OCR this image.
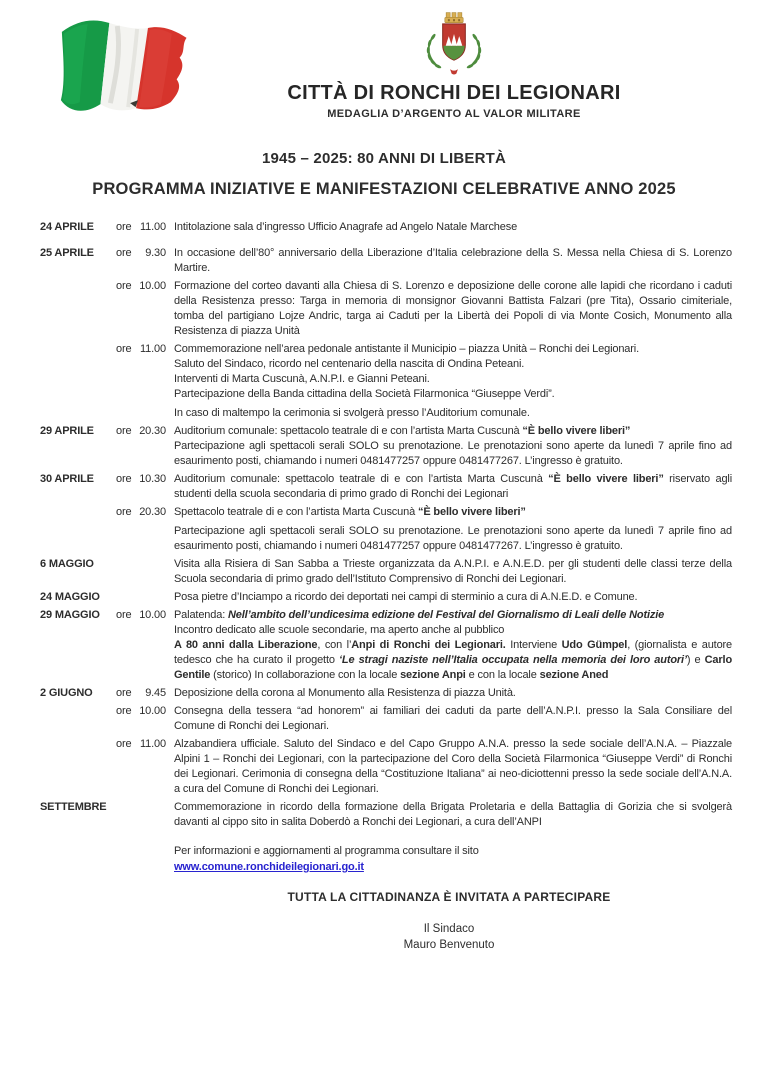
CITTÀ DI RONCHI DEI LEGIONARI
MEDAGLIA D’ARGENTO AL VALOR MILITARE
1945 – 2025: 80 ANNI DI LIBERTÀ
PROGRAMMA INIZIATIVE E MANIFESTAZIONI CELEBRATIVE ANNO 2025
24 APRILE	ore 11.00 Intitolazione sala d’ingresso Ufficio Anagrafe ad Angelo Natale Marchese

25 APRILE	ore 9.30 In occasione dell’80° anniversario della Liberazione d’Italia celebrazione della S. Messa nella Chiesa di S. Lorenzo Martire.

ore 10.00 Formazione del corteo davanti alla Chiesa di S. Lorenzo e deposizione delle corone alle lapidi che ricordano i caduti della Resistenza presso: Targa in memoria di monsignor Giovanni Battista Falzari (pre Tita), Ossario cimiteriale, tomba del partigiano Lojze Andric, targa ai Caduti per la Libertà dei Popoli di via Monte Cosich, Monumento alla Resistenza di piazza Unità

ore 11.00 Commemorazione nell’area pedonale antistante il Municipio – piazza Unità – Ronchi dei Legionari.

Saluto del Sindaco, ricordo nel centenario della nascita di Ondina Peteani.

Interventi di Marta Cuscunà, A.N.P.I. e Gianni Peteani.

Partecipazione della Banda cittadina della Società Filarmonica “Giuseppe Verdi”.

In caso di maltempo la cerimonia si svolgerà presso l’Auditorium comunale.

29 APRILE	ore 20.30 Auditorium comunale: spettacolo teatrale di e con l’artista Marta Cuscunà “È bello vivere liberi”

Partecipazione agli spettacoli serali SOLO su prenotazione. Le prenotazioni sono aperte da lunedì 7 aprile fino ad esaurimento posti, chiamando i numeri 0481477257 oppure 0481477267. L’ingresso è gratuito.

30 APRILE	ore 10.30 Auditorium comunale: spettacolo teatrale di e con l’artista Marta Cuscunà “È bello vivere liberi” riservato agli studenti della scuola secondaria di primo grado di Ronchi dei Legionari

ore 20.30 Spettacolo teatrale di e con l’artista Marta Cuscunà “È bello vivere liberi”

Partecipazione agli spettacoli serali SOLO su prenotazione. Le prenotazioni sono aperte da lunedì 7 aprile fino ad esaurimento posti, chiamando i numeri 0481477257 oppure 0481477267. L’ingresso è gratuito.

6 MAGGIO	Visita alla Risiera di San Sabba a Trieste organizzata da A.N.P.I. e A.N.E.D. per gli studenti delle classi terze della Scuola secondaria di primo grado dell’Istituto Comprensivo di Ronchi dei Legionari.

24 MAGGIO	Posa pietre d’Inciampo a ricordo dei deportati nei campi di sterminio a cura di A.N.E.D. e Comune.

29 MAGGIO	ore 10.00 Palatenda: Nell’ambito dell’undicesima edizione del Festival del Giornalismo di Leali delle Notizie

Incontro dedicato alle scuole secondarie, ma aperto anche al pubblico

A 80 anni dalla Liberazione, con l’Anpi di Ronchi dei Legionari. Interviene Udo Gümpel, (giornalista e autore tedesco che ha curato il progetto ‘Le stragi naziste nell’Italia occupata nella memoria dei loro autori’) e Carlo Gentile (storico) In collaborazione con la locale sezione Anpi e con la locale sezione Aned

2 GIUGNO	ore 9.45 Deposizione della corona al Monumento alla Resistenza di piazza Unità.

ore 10.00 Consegna della tessera “ad honorem” ai familiari dei caduti da parte dell’A.N.P.I. presso la Sala Consiliare del Comune di Ronchi dei Legionari.

ore 11.00 Alzabandiera ufficiale. Saluto del Sindaco e del Capo Gruppo A.N.A. presso la sede sociale dell’A.N.A. – Piazzale Alpini 1 – Ronchi dei Legionari, con la partecipazione del Coro della Società Filarmonica “Giuseppe Verdi” di Ronchi dei Legionari. Cerimonia di consegna della “Costituzione Italiana” ai neo-diciottenni presso la sede sociale dell’A.N.A. a cura del Comune di Ronchi dei Legionari.

SETTEMBRE	Commemorazione in ricordo della formazione della Brigata Proletaria e della Battaglia di Gorizia che si svolgerà davanti al cippo sito in salita Doberdò a Ronchi dei Legionari, a cura dell’ANPI

Per informazioni e aggiornamenti al programma consultare il sito
www.comune.ronchideilegionari.go.it
TUTTA LA CITTADINANZA È INVITATA A PARTECIPARE
Il Sindaco
Mauro Benvenuto
